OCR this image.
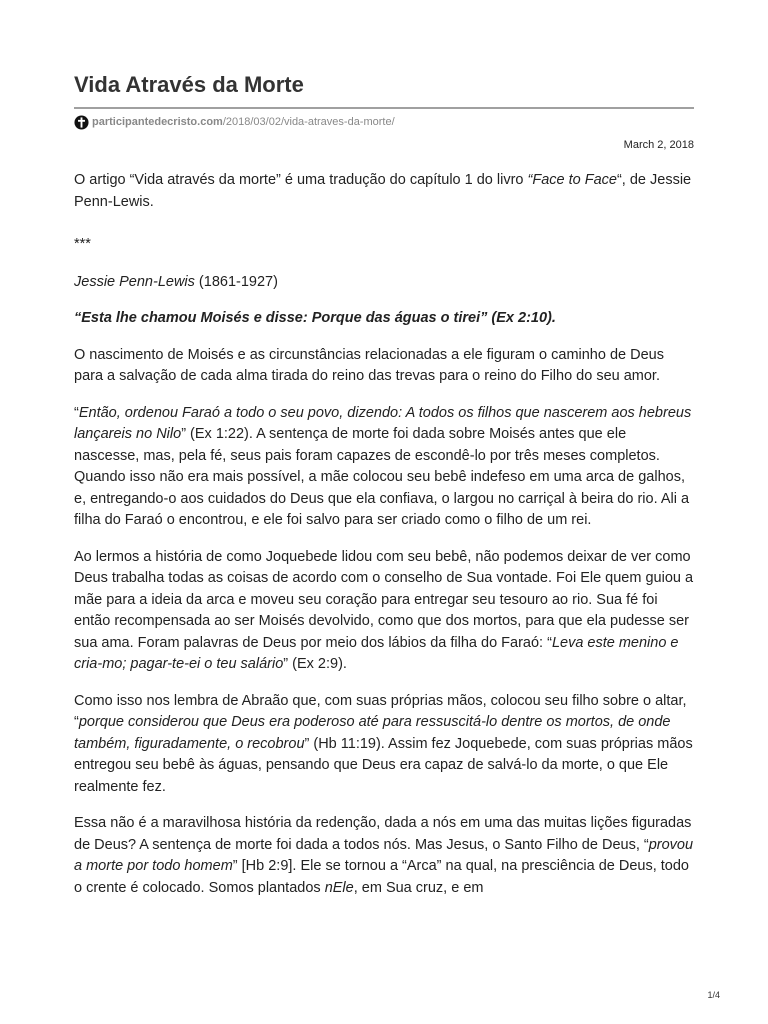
Vida Através da Morte
participantedecristo.com /2018/03/02/vida-atraves-da-morte/
March 2, 2018

O artigo “Vida através da morte” é uma tradução do capítulo 1 do livro “Face to Face“, de Jessie Penn-Lewis.

***

Jessie Penn-Lewis (1861-1927)

“Esta lhe chamou Moisés e disse: Porque das águas o tirei” (Ex 2:10).

O nascimento de Moisés e as circunstâncias relacionadas a ele figuram o caminho de Deus para a salvação de cada alma tirada do reino das trevas para o reino do Filho do seu amor.

“Então, ordenou Faraó a todo o seu povo, dizendo: A todos os filhos que nascerem aos hebreus lançareis no Nilo” (Ex 1:22). A sentença de morte foi dada sobre Moisés antes que ele nascesse, mas, pela fé, seus pais foram capazes de escondê-lo por três meses completos. Quando isso não era mais possível, a mãe colocou seu bebê indefeso em uma arca de galhos, e, entregando-o aos cuidados do Deus que ela confiava, o largou no carriçal à beira do rio. Ali a filha do Faraó o encontrou, e ele foi salvo para ser criado como o filho de um rei.

Ao lermos a história de como Joquebede lidou com seu bebê, não podemos deixar de ver como Deus trabalha todas as coisas de acordo com o conselho de Sua vontade. Foi Ele quem guiou a mãe para a ideia da arca e moveu seu coração para entregar seu tesouro ao rio. Sua fé foi então recompensada ao ser Moisés devolvido, como que dos mortos, para que ela pudesse ser sua ama. Foram palavras de Deus por meio dos lábios da filha do Faraó: “Leva este menino e cria-mo; pagar-te-ei o teu salário” (Ex 2:9).

Como isso nos lembra de Abraão que, com suas próprias mãos, colocou seu filho sobre o altar, “porque considerou que Deus era poderoso até para ressuscitá-lo dentre os mortos, de onde também, figuradamente, o recobrou” (Hb 11:19). Assim fez Joquebede, com suas próprias mãos entregou seu bebê às águas, pensando que Deus era capaz de salvá-lo da morte, o que Ele realmente fez.

Essa não é a maravilhosa história da redenção, dada a nós em uma das muitas lições figuradas de Deus? A sentença de morte foi dada a todos nós. Mas Jesus, o Santo Filho de Deus, “provou a morte por todo homem” [Hb 2:9]. Ele se tornou a “Arca” na qual, na presciência de Deus, todo o crente é colocado. Somos plantados nEle, em Sua cruz, e em

1/4
